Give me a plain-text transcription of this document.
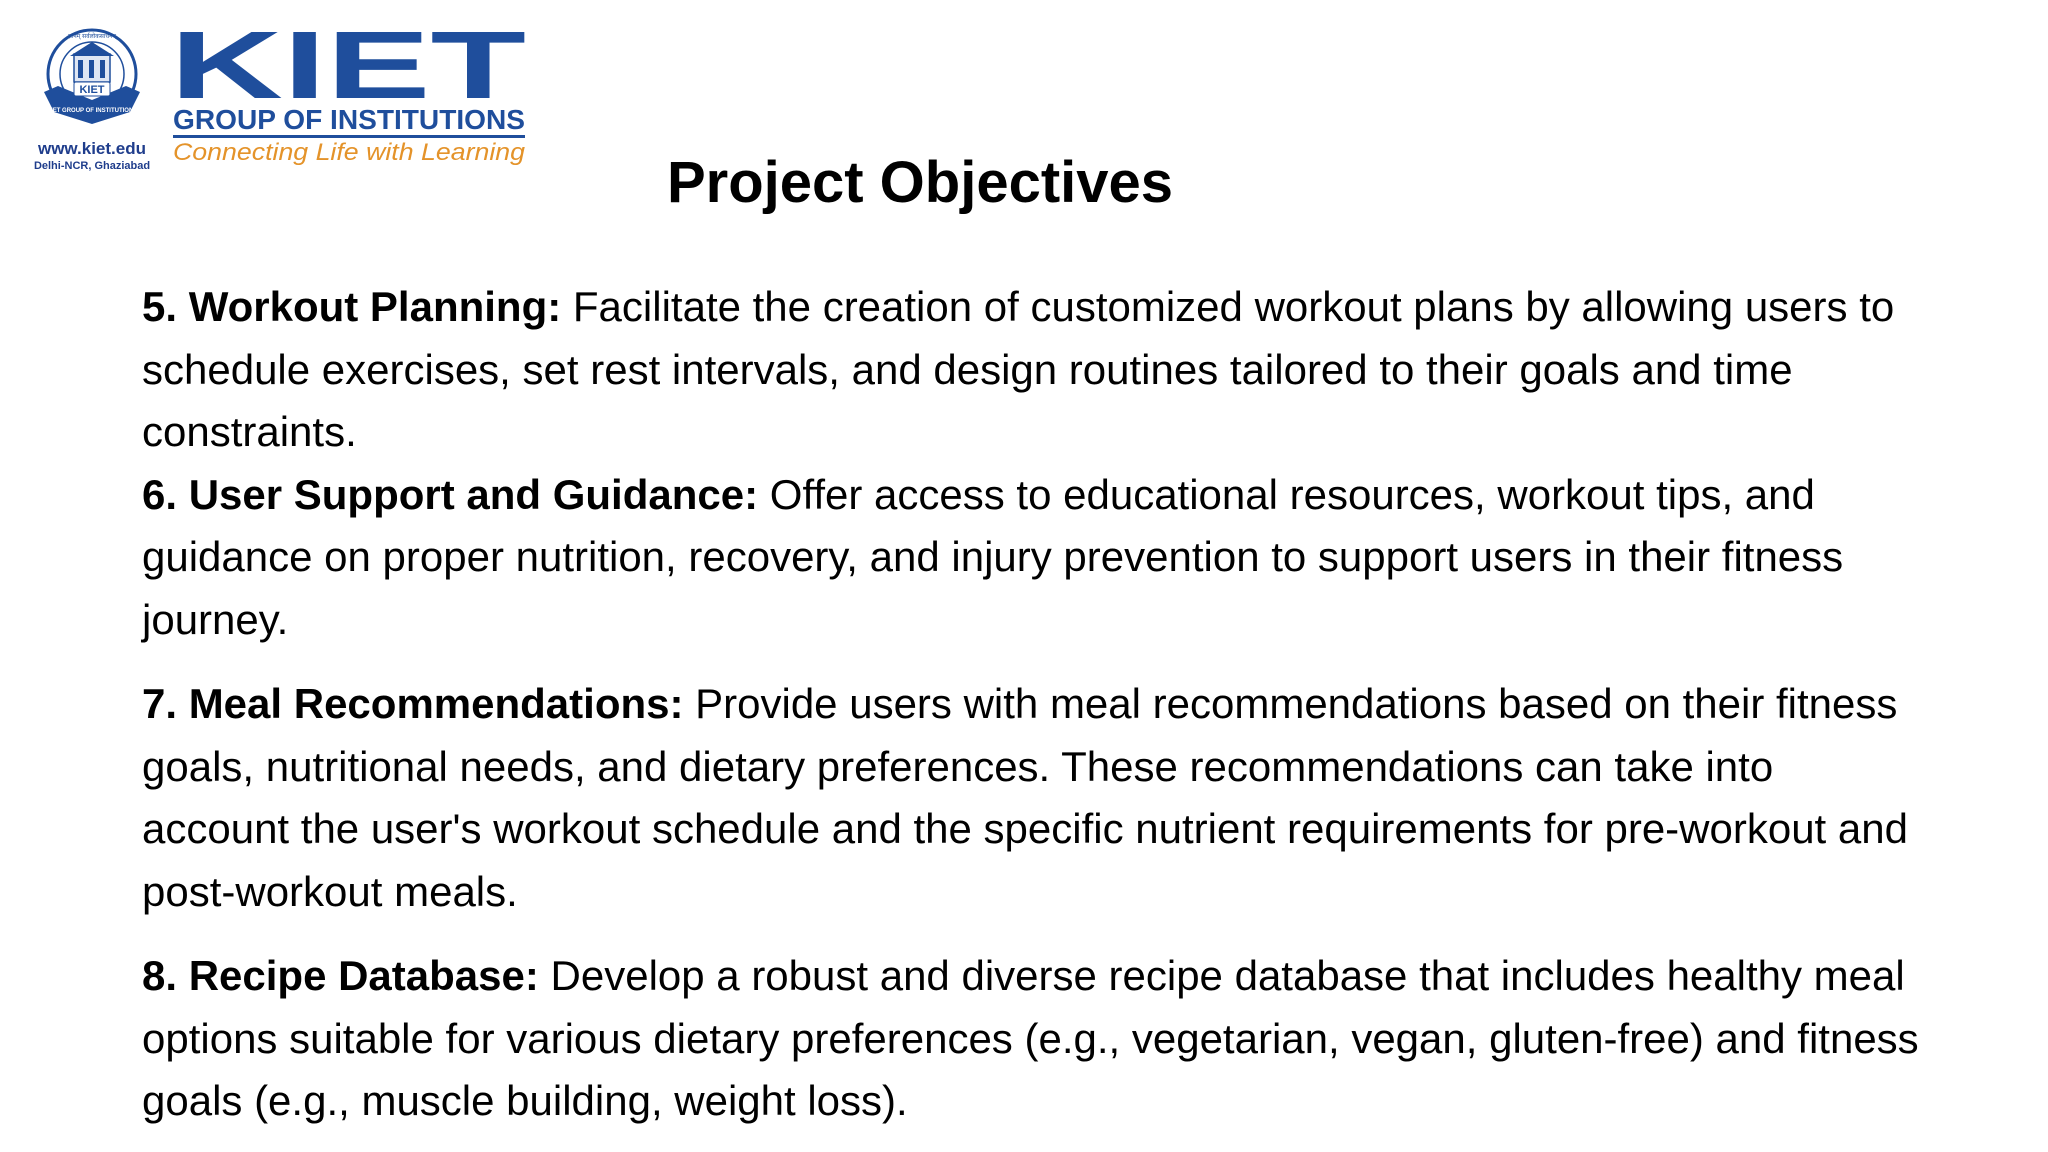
KIET
ज्ञानम् सर्वलोकसाधनम्
KIET GROUP OF INSTITUTIONS
www.kiet.edu
Delhi-NCR, Ghaziabad
KIET
GROUP OF INSTITUTIONS
Connecting Life with Learning	Project Objectives

5. Workout Planning: Facilitate the creation of customized workout plans by allowing users to schedule exercises, set rest intervals, and design routines tailored to their goals and time constraints.

6. User Support and Guidance: Offer access to educational resources, workout tips, and guidance on proper nutrition, recovery, and injury prevention to support users in their fitness journey.

7. Meal Recommendations: Provide users with meal recommendations based on their fitness goals, nutritional needs, and dietary preferences. These recommendations can take into account the user's workout schedule and the specific nutrient requirements for pre-workout and post-workout meals.

8. Recipe Database: Develop a robust and diverse recipe database that includes healthy meal options suitable for various dietary preferences (e.g., vegetarian, vegan, gluten-free) and fitness goals (e.g., muscle building, weight loss).
